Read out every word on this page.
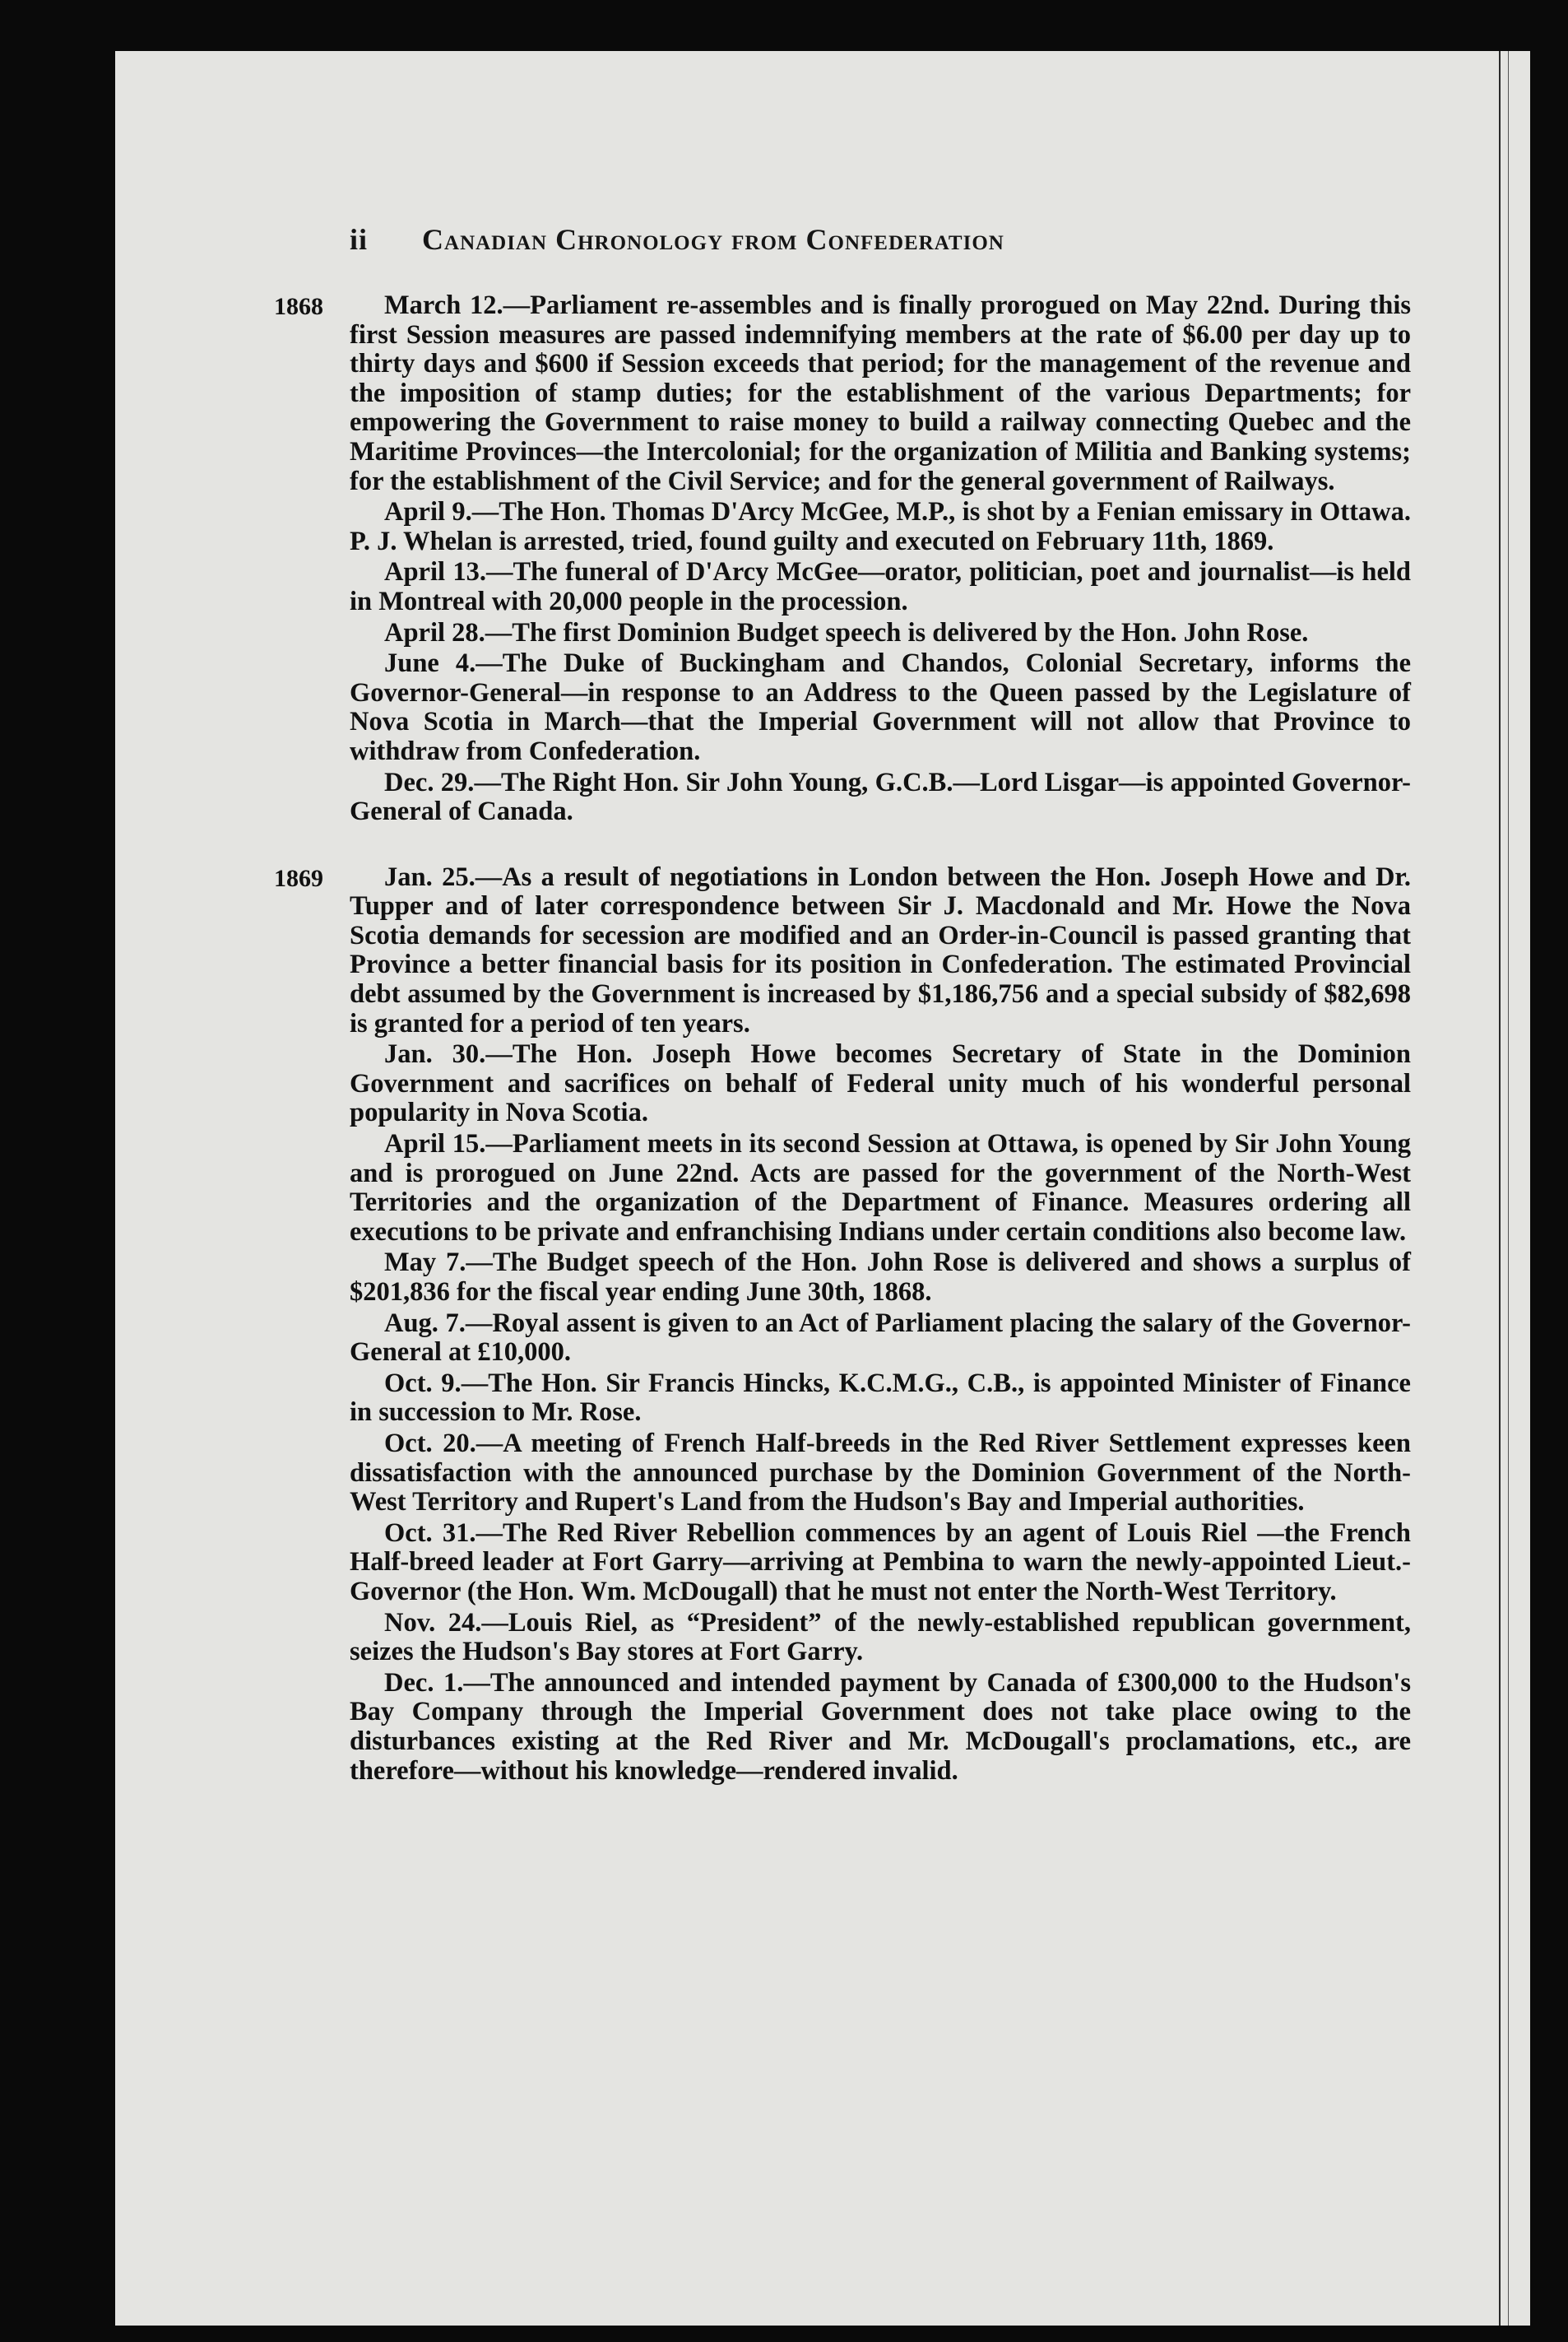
ii Canadian Chronology from Confederation
1868	March 12.—Parliament re-assembles and is finally prorogued on May 22nd. During this first Session measures are passed indemnifying members at the rate of $6.00 per day up to thirty days and $600 if Session exceeds that period; for the management of the revenue and the imposition of stamp duties; for the establishment of the various Departments; for empowering the Government to raise money to build a railway connecting Quebec and the Maritime Provinces—the Intercolonial; for the organization of Militia and Banking systems; for the establishment of the Civil Service; and for the general government of Railways.

April 9.—The Hon. Thomas D'Arcy McGee, M.P., is shot by a Fenian emissary in Ottawa. P. J. Whelan is arrested, tried, found guilty and executed on February 11th, 1869.

April 13.—The funeral of D'Arcy McGee—orator, politician, poet and journalist—is held in Montreal with 20,000 people in the procession.

April 28.—The first Dominion Budget speech is delivered by the Hon. John Rose.

June 4.—The Duke of Buckingham and Chandos, Colonial Secretary, informs the Governor-General—in response to an Address to the Queen passed by the Legislature of Nova Scotia in March—that the Imperial Government will not allow that Province to withdraw from Confederation.

Dec. 29.—The Right Hon. Sir John Young, G.C.B.—Lord Lisgar—is appointed Governor-General of Canada.

1869	Jan. 25.—As a result of negotiations in London between the Hon. Joseph Howe and Dr. Tupper and of later correspondence between Sir J. Macdonald and Mr. Howe the Nova Scotia demands for secession are modified and an Order-in-Council is passed granting that Province a better financial basis for its position in Confederation. The estimated Provincial debt assumed by the Government is increased by $1,186,756 and a special subsidy of $82,698 is granted for a period of ten years.

Jan. 30.—The Hon. Joseph Howe becomes Secretary of State in the Dominion Government and sacrifices on behalf of Federal unity much of his wonderful personal popularity in Nova Scotia.

April 15.—Parliament meets in its second Session at Ottawa, is opened by Sir John Young and is prorogued on June 22nd. Acts are passed for the government of the North-West Territories and the organization of the Department of Finance. Measures ordering all executions to be private and enfranchising Indians under certain conditions also become law.

May 7.—The Budget speech of the Hon. John Rose is delivered and shows a surplus of $201,836 for the fiscal year ending June 30th, 1868.

Aug. 7.—Royal assent is given to an Act of Parliament placing the salary of the Governor-General at £10,000.

Oct. 9.—The Hon. Sir Francis Hincks, K.C.M.G., C.B., is appointed Minister of Finance in succession to Mr. Rose.

Oct. 20.—A meeting of French Half-breeds in the Red River Settlement expresses keen dissatisfaction with the announced purchase by the Dominion Government of the North-West Territory and Rupert's Land from the Hudson's Bay and Imperial authorities.

Oct. 31.—The Red River Rebellion commences by an agent of Louis Riel —the French Half-breed leader at Fort Garry—arriving at Pembina to warn the newly-appointed Lieut.-Governor (the Hon. Wm. McDougall) that he must not enter the North-West Territory.

Nov. 24.—Louis Riel, as “President” of the newly-established republican government, seizes the Hudson's Bay stores at Fort Garry.

Dec. 1.—The announced and intended payment by Canada of £300,000 to the Hudson's Bay Company through the Imperial Government does not take place owing to the disturbances existing at the Red River and Mr. McDougall's proclamations, etc., are therefore—without his knowledge—rendered invalid.
